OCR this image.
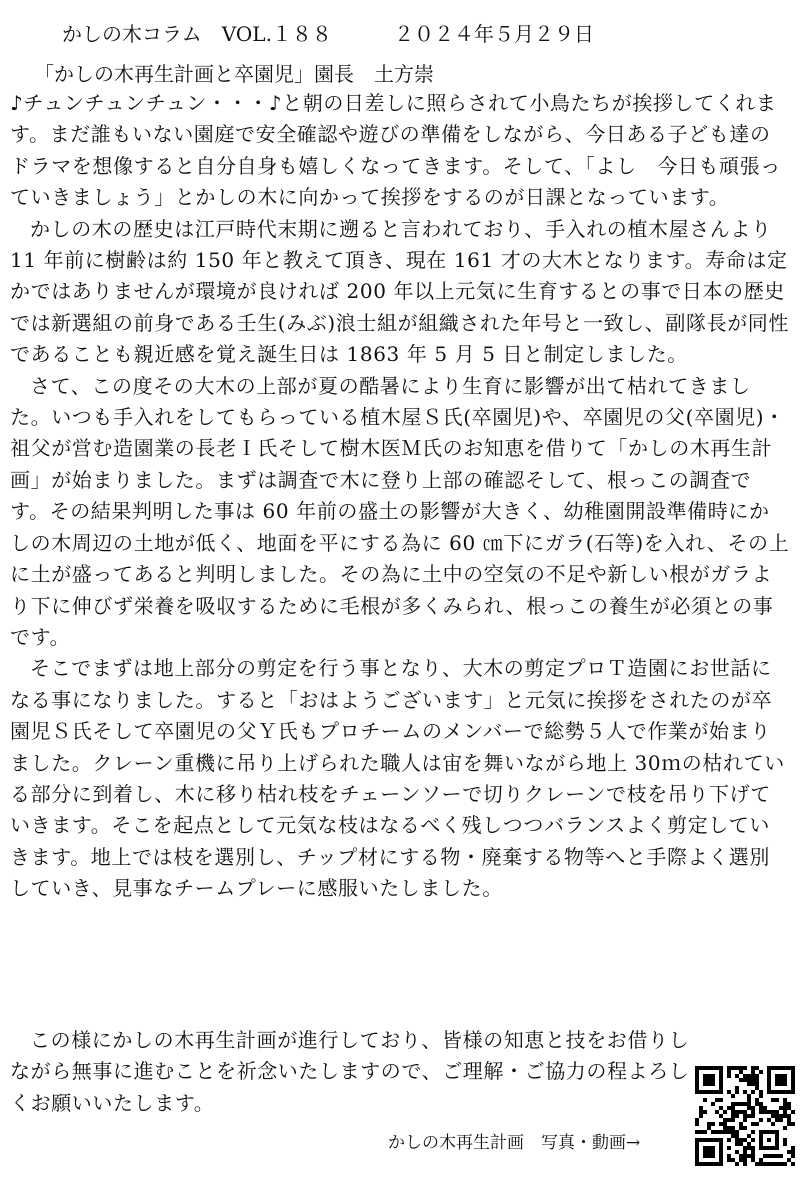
かしの木コラム　VOL.１８８	２０２４年５月２９日
「かしの木再生計画と卒園児」園長　土方崇

♪チュンチュンチュン・・・♪と朝の日差しに照らされて小鳥たちが挨拶してくれます。まだ誰もいない園庭で安全確認や遊びの準備をしながら、今日ある子ども達のドラマを想像すると自分自身も嬉しくなってきます。そして、「よし　今日も頑張っていきましょう」とかしの木に向かって挨拶をするのが日課となっています。

かしの木の歴史は江戸時代末期に遡ると言われており、手入れの植木屋さんより 11 年前に樹齢は約 150 年と教えて頂き、現在 161 才の大木となります。寿命は定かではありませんが環境が良ければ 200 年以上元気に生育するとの事で日本の歴史では新選組の前身である壬生(みぶ)浪士組が組織された年号と一致し、副隊長が同性であることも親近感を覚え誕生日は 1863 年 5 月 5 日と制定しました。

さて、この度その大木の上部が夏の酷暑により生育に影響が出て枯れてきました。いつも手入れをしてもらっている植木屋Ｓ氏(卒園児)や、卒園児の父(卒園児)・祖父が営む造園業の長老Ｉ氏そして樹木医Ｍ氏のお知恵を借りて「かしの木再生計画」が始まりました。まずは調査で木に登り上部の確認そして、根っこの調査です。その結果判明した事は 60 年前の盛土の影響が大きく、幼稚園開設準備時にかしの木周辺の土地が低く、地面を平にする為に 60 ㎝下にガラ(石等)を入れ、その上に土が盛ってあると判明しました。その為に土中の空気の不足や新しい根がガラより下に伸びず栄養を吸収するために毛根が多くみられ、根っこの養生が必須との事です。

そこでまずは地上部分の剪定を行う事となり、大木の剪定プロＴ造園にお世話になる事になりました。すると「おはようございます」と元気に挨拶をされたのが卒園児Ｓ氏そして卒園児の父Ｙ氏もプロチームのメンバーで総勢５人で作業が始まりました。クレーン重機に吊り上げられた職人は宙を舞いながら地上 30ｍの枯れている部分に到着し、木に移り枯れ枝をチェーンソーで切りクレーンで枝を吊り下げていきます。そこを起点として元気な枝はなるべく残しつつバランスよく剪定していきます。地上では枝を選別し、チップ材にする物・廃棄する物等へと手際よく選別していき、見事なチームプレーに感服いたしました。

この様にかしの木再生計画が進行しており、皆様の知恵と技をお借りしながら無事に進むことを祈念いたしますので、ご理解・ご協力の程よろしくお願いいたします。

かしの木再生計画　写真・動画→
